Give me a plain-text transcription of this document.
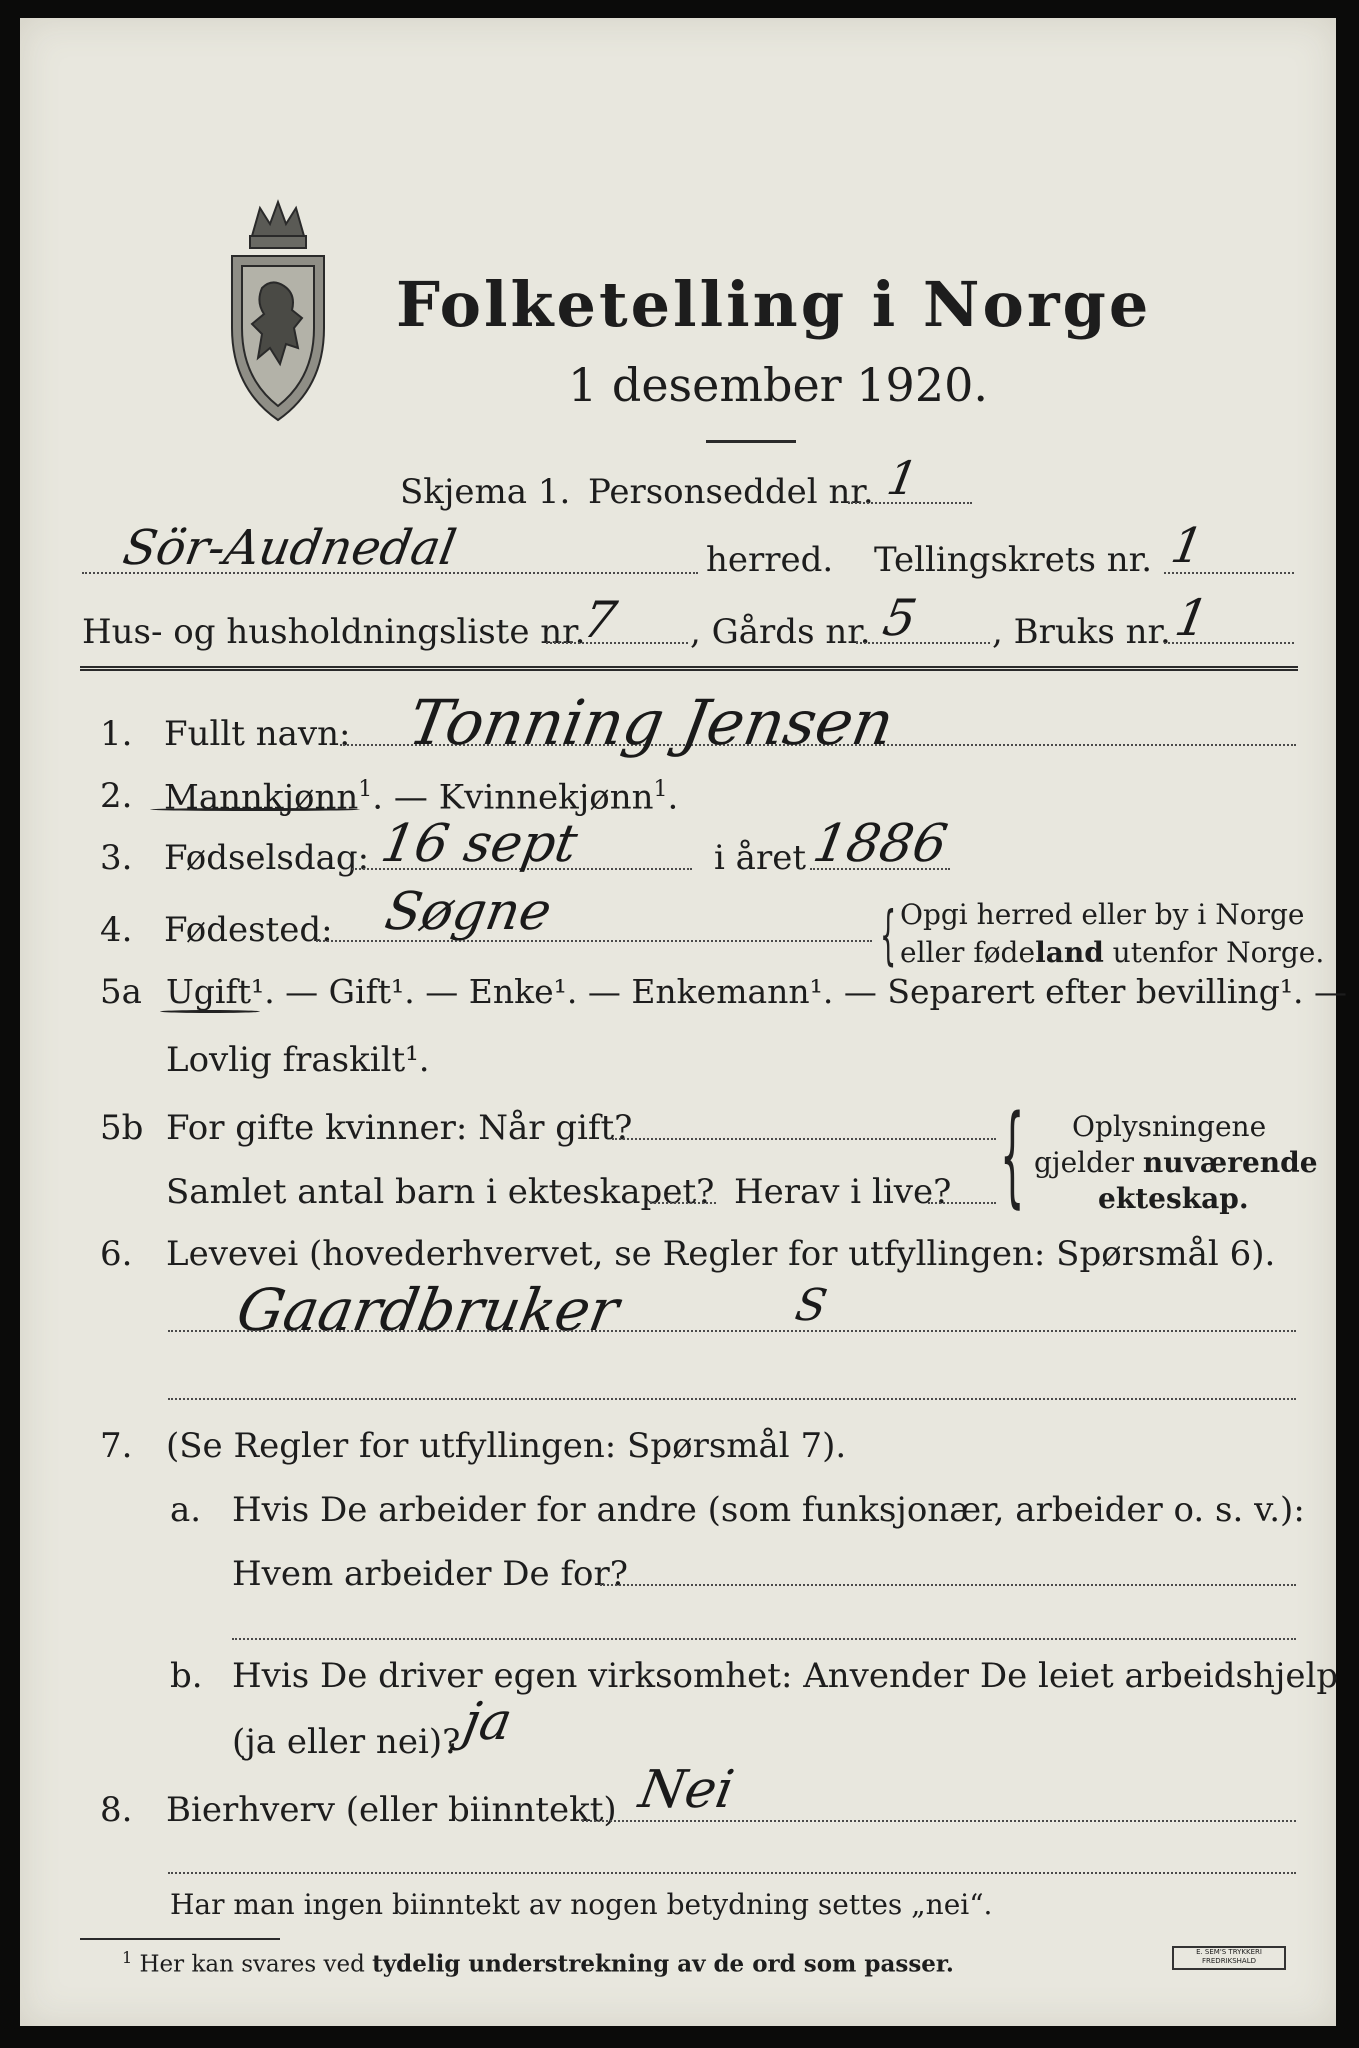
Folketelling i Norge
1 desember 1920.
Skjema 1. Personseddel nr. 1
Sör-Audnedal	herred. Tellingskrets nr. 1
Hus- og husholdningsliste nr.
7 , Gårds nr. 5 , Bruks nr. 1
1. Fullt navn: Tonning Jensen
2. Mannkjønn$^1$. — Kvinnekjønn$^1$.
3. Fødselsdag: 16 sept	i året 1886
4. Fødested: Søgne	{ Opgi herred eller by i Norge
eller fødeland utenfor Norge.
5a Ugift¹. — Gift¹. — Enke¹. — Enkemann¹. — Separert efter bevilling¹. —
Lovlig fraskilt¹.
5b For gifte kvinner: Når gift?
Samlet antal barn i ekteskapet? Herav i live? { Oplysningene
gjelder nuværende
ekteskap.
6. Levevei (hovederhvervet, se Regler for utfyllingen: Spørsmål 6).
Gaardbruker	S
7. (Se Regler for utfyllingen: Spørsmål 7).
a. Hvis De arbeider for andre (som funksjonær, arbeider o. s. v.):
Hvem arbeider De for?
b. Hvis De driver egen virksomhet: Anvender De leiet arbeidshjelp
(ja eller nei)?
ja
8. Bierhverv (eller biinntekt) Nei
Har man ingen biinntekt av nogen betydning settes „nei“.
$^1$ Her kan svares ved tydelig understrekning av de ord som passer.	E. SEM'S TRYKKERI FREDRIKSHALD
